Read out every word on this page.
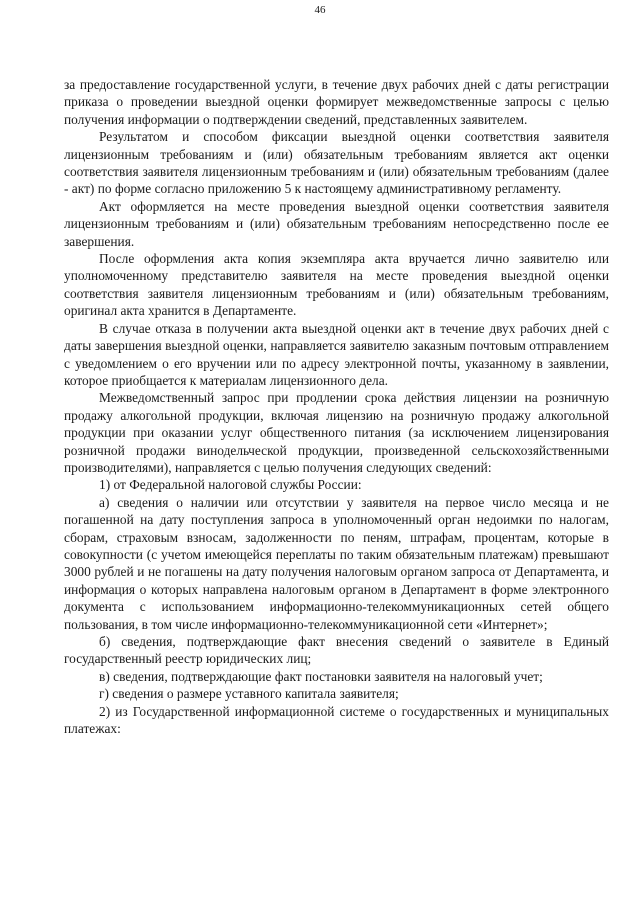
46

за предоставление государственной услуги, в течение двух рабочих дней с даты регистрации приказа о проведении выездной оценки формирует межведомственные запросы с целью получения информации о подтверждении сведений, представленных заявителем.

Результатом и способом фиксации выездной оценки соответствия заявителя лицензионным требованиям и (или) обязательным требованиям является акт оценки соответствия заявителя лицензионным требованиям и (или) обязательным требованиям (далее - акт) по форме согласно приложению 5 к настоящему административному регламенту.

Акт оформляется на месте проведения выездной оценки соответствия заявителя лицензионным требованиям и (или) обязательным требованиям непосредственно после ее завершения.

После оформления акта копия экземпляра акта вручается лично заявителю или уполномоченному представителю заявителя на месте проведения выездной оценки соответствия заявителя лицензионным требованиям и (или) обязательным требованиям, оригинал акта хранится в Департаменте.

В случае отказа в получении акта выездной оценки акт в течение двух рабочих дней с даты завершения выездной оценки, направляется заявителю заказным почтовым отправлением с уведомлением о его вручении или по адресу электронной почты, указанному в заявлении, которое приобщается к материалам лицензионного дела.

Межведомственный запрос при продлении срока действия лицензии на розничную продажу алкогольной продукции, включая лицензию на розничную продажу алкогольной продукции при оказании услуг общественного питания (за исключением лицензирования розничной продажи винодельческой продукции, произведенной сельскохозяйственными производителями), направляется с целью получения следующих сведений:

1) от Федеральной налоговой службы России:

а) сведения о наличии или отсутствии у заявителя на первое число месяца и не погашенной на дату поступления запроса в уполномоченный орган недоимки по налогам, сборам, страховым взносам, задолженности по пеням, штрафам, процентам, которые в совокупности (с учетом имеющейся переплаты по таким обязательным платежам) превышают 3000 рублей и не погашены на дату получения налоговым органом запроса от Департамента, и информация о которых направлена налоговым органом в Департамент в форме электронного документа с использованием информационно-телекоммуникационных сетей общего пользования, в том числе информационно-телекоммуникационной сети «Интернет»;

б) сведения, подтверждающие факт внесения сведений о заявителе в Единый государственный реестр юридических лиц;

в) сведения, подтверждающие факт постановки заявителя на налоговый учет;

г) сведения о размере уставного капитала заявителя;

2) из Государственной информационной системе о государственных и муниципальных платежах:
